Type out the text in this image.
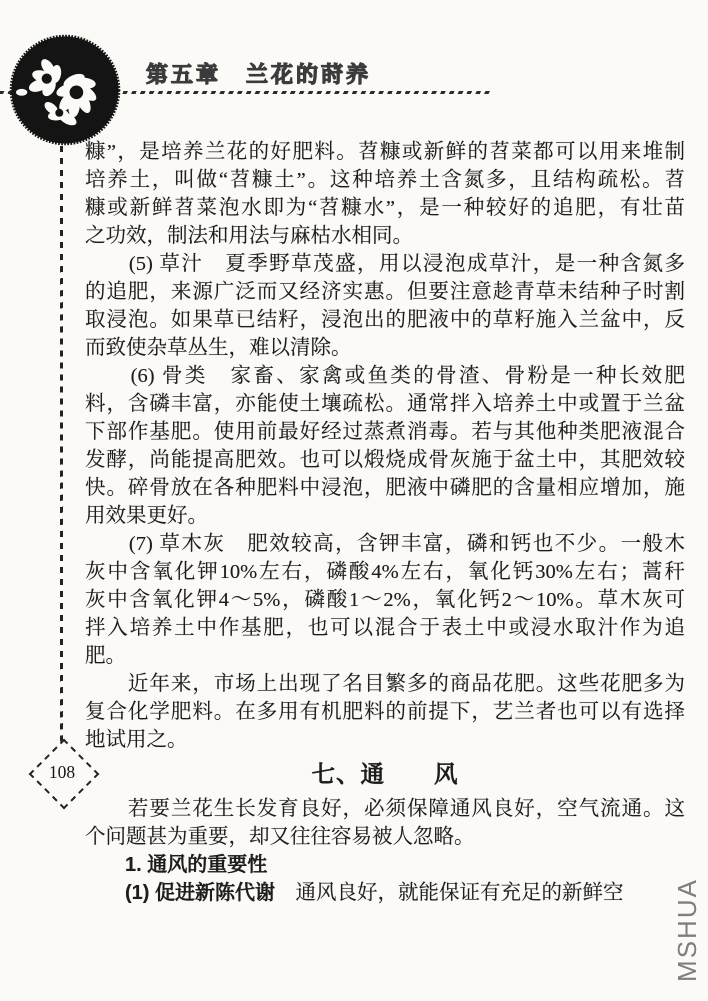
第五章　兰花的莳养
108
糠”，是培养兰花的好肥料。苕糠或新鲜的苕菜都可以用来堆制
培养土，叫做“苕糠土”。这种培养土含氮多，且结构疏松。苕
糠或新鲜苕菜泡水即为“苕糠水”，是一种较好的追肥，有壮苗
之功效，制法和用法与麻枯水相同。
　　(5) 草汁　夏季野草茂盛，用以浸泡成草汁，是一种含氮多
的追肥，来源广泛而又经济实惠。但要注意趁青草未结种子时割
取浸泡。如果草已结籽，浸泡出的肥液中的草籽施入兰盆中，反
而致使杂草丛生，难以清除。
　　(6) 骨类　家畜、家禽或鱼类的骨渣、骨粉是一种长效肥
料，含磷丰富，亦能使土壤疏松。通常拌入培养土中或置于兰盆
下部作基肥。使用前最好经过蒸煮消毒。若与其他种类肥液混合
发酵，尚能提高肥效。也可以煅烧成骨灰施于盆土中，其肥效较
快。碎骨放在各种肥料中浸泡，肥液中磷肥的含量相应增加，施
用效果更好。
　　(7) 草木灰　肥效较高，含钾丰富，磷和钙也不少。一般木
灰中含氧化钾10%左右，磷酸4%左右，氧化钙30%左右；蒿秆
灰中含氧化钾4～5%，磷酸1～2%，氧化钙2～10%。草木灰可
拌入培养土中作基肥，也可以混合于表土中或浸水取汁作为追
肥。
　　近年来，市场上出现了名目繁多的商品花肥。这些花肥多为
复合化学肥料。在多用有机肥料的前提下，艺兰者也可以有选择
地试用之。
七、通　　风
　　若要兰花生长发育良好，必须保障通风良好，空气流通。这
个问题甚为重要，却又往往容易被人忽略。
　　1. 通风的重要性
　　(1) 促进新陈代谢　通风良好，就能保证有充足的新鲜空	MSHUA
